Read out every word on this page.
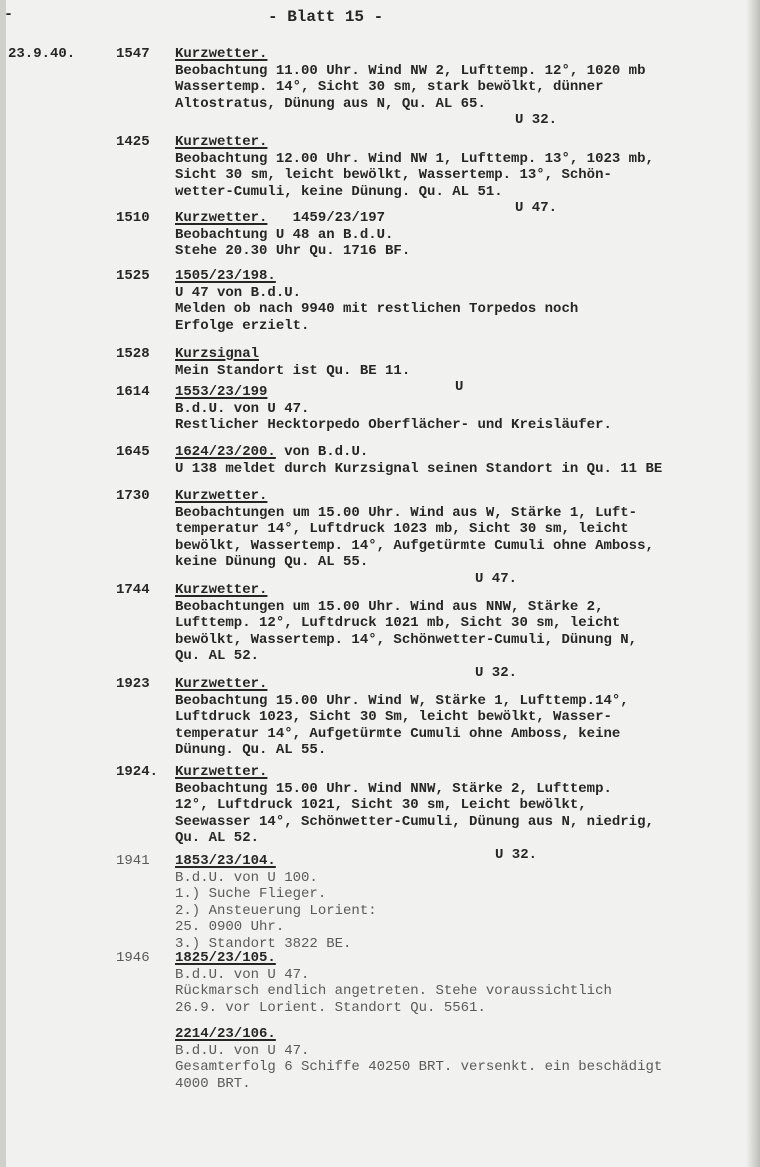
-	- Blatt 15 -
23.9.40.	1547 Kurzwetter.
Beobachtung 11.00 Uhr. Wind NW 2, Lufttemp. 12°, 1020 mb
Wassertemp. 14°, Sicht 30 sm, stark bewölkt, dünner
Altostratus, Dünung aus N, Qu. AL 65.
U 32.
1425 Kurzwetter.
Beobachtung 12.00 Uhr. Wind NW 1, Lufttemp. 13°, 1023 mb,
Sicht 30 sm, leicht bewölkt, Wassertemp. 13°, Schön-
wetter-Cumuli, keine Dünung. Qu. AL 51.
U 47.
1510 Kurzwetter.   1459/23/197
Beobachtung U 48 an B.d.U.
Stehe 20.30 Uhr Qu. 1716 BF.
1525 1505/23/198.
U 47 von B.d.U.
Melden ob nach 9940 mit restlichen Torpedos noch
Erfolge erzielt.
1528 Kurzsignal
Mein Standort ist Qu. BE 11.
U
1614 1553/23/199
B.d.U. von U 47.
Restlicher Hecktorpedo Oberflächer- und Kreisläufer.
1645 1624/23/200. von B.d.U.
U 138 meldet durch Kurzsignal seinen Standort in Qu. 11 BE
1730 Kurzwetter.
Beobachtungen um 15.00 Uhr. Wind aus W, Stärke 1, Luft-
temperatur 14°, Luftdruck 1023 mb, Sicht 30 sm, leicht
bewölkt, Wassertemp. 14°, Aufgetürmte Cumuli ohne Amboss,
keine Dünung Qu. AL 55.
U 47.
1744 Kurzwetter.
Beobachtungen um 15.00 Uhr. Wind aus NNW, Stärke 2,
Lufttemp. 12°, Luftdruck 1021 mb, Sicht 30 sm, leicht
bewölkt, Wassertemp. 14°, Schönwetter-Cumuli, Dünung N,
Qu. AL 52.
U 32.
1923 Kurzwetter.
Beobachtung 15.00 Uhr. Wind W, Stärke 1, Lufttemp.14°,
Luftdruck 1023, Sicht 30 Sm, leicht bewölkt, Wasser-
temperatur 14°, Aufgetürmte Cumuli ohne Amboss, keine
Dünung. Qu. AL 55.
1924. Kurzwetter.
Beobachtung 15.00 Uhr. Wind NNW, Stärke 2, Lufttemp.
12°, Luftdruck 1021, Sicht 30 sm, Leicht bewölkt,
Seewasser 14°, Schönwetter-Cumuli, Dünung aus N, niedrig,
Qu. AL 52.
U 32.
1941 1853/23/104.
B.d.U. von U 100.
1.) Suche Flieger.
2.) Ansteuerung Lorient:
25. 0900 Uhr.
3.) Standort 3822 BE.
1946 1825/23/105.
B.d.U. von U 47.
Rückmarsch endlich angetreten. Stehe voraussichtlich
26.9. vor Lorient. Standort Qu. 5561.
2214/23/106.
B.d.U. von U 47.
Gesamterfolg 6 Schiffe 40250 BRT. versenkt. ein beschädigt
4000 BRT.
